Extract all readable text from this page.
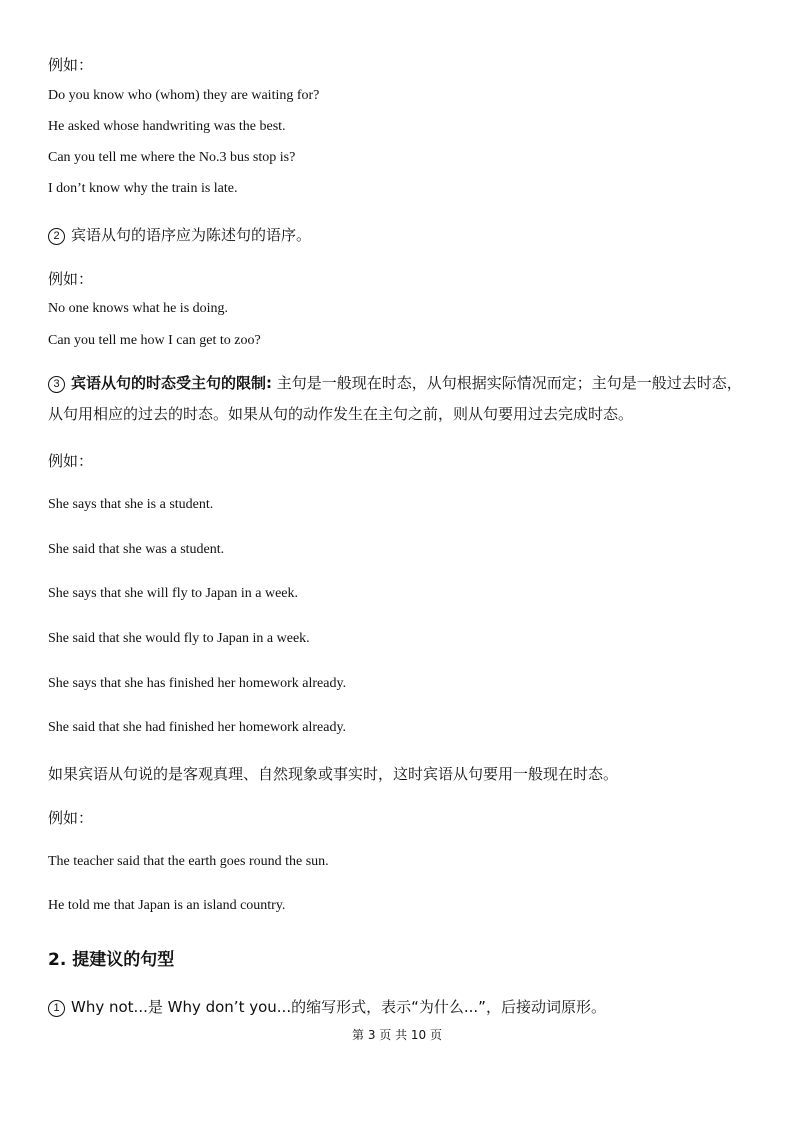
例如：
Do you know who (whom) they are waiting for?
He asked whose handwriting was the best.
Can you tell me where the No.3 bus stop is?
I don’t know why the train is late.
2 宾语从句的语序应为陈述句的语序。
例如：
No one knows what he is doing.
Can you tell me how I can get to zoo?
3 宾语从句的时态受主句的限制: 主句是一般现在时态，从句根据实际情况而定；主句是一般过去时态，从句用相应的过去的时态。如果从句的动作发生在主句之前，则从句要用过去完成时态。
例如：
She says that she is a student.
She said that she was a student.
She says that she will fly to Japan in a week.
She said that she would fly to Japan in a week.
She says that she has finished her homework already.
She said that she had finished her homework already.
如果宾语从句说的是客观真理、自然现象或事实时，这时宾语从句要用一般现在时态。
例如：
The teacher said that the earth goes round the sun.
He told me that Japan is an island country.
2. 提建议的句型
1 Why not...是 Why don’t you...的缩写形式，表示“为什么...”，后接动词原形。
第 3 页 共 10 页
